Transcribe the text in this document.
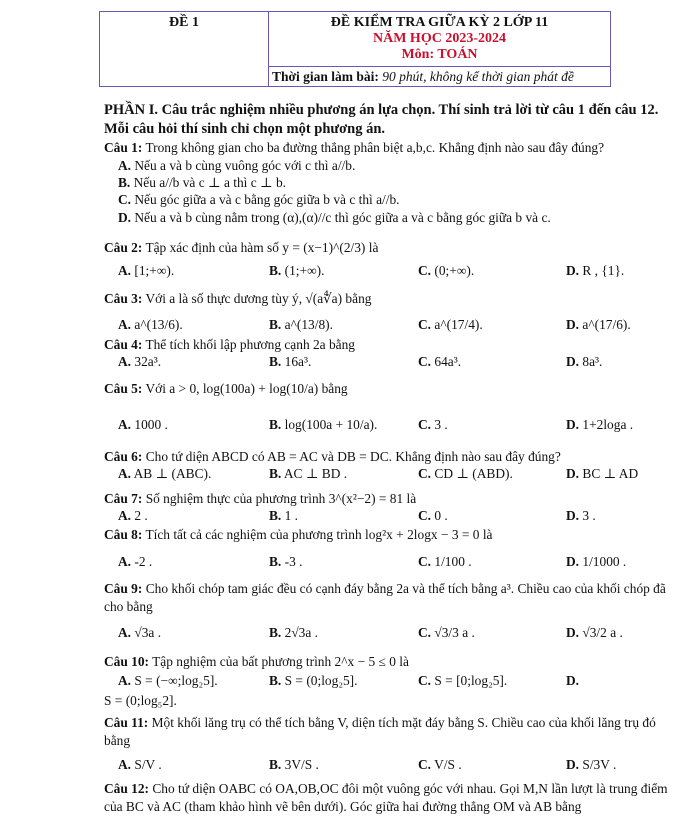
ĐỀ 1	ĐỀ KIỂM TRA GIỮA KỲ 2 LỚP 11
NĂM HỌC 2023-2024
Môn: TOÁN
Thời gian làm bài: 90 phút, không kể thời gian phát đề
PHẦN I. Câu trắc nghiệm nhiều phương án lựa chọn. Thí sinh trả lời từ câu 1 đến câu 12. Mỗi câu hỏi thí sinh chỉ chọn một phương án.
Câu 1: Trong không gian cho ba đường thẳng phân biệt a,b,c. Khẳng định nào sau đây đúng?
A. Nếu a và b cùng vuông góc với c thì a//b.
B. Nếu a//b và c ⊥ a thì c ⊥ b.
C. Nếu góc giữa a và c bằng góc giữa b và c thì a//b.
D. Nếu a và b cùng nằm trong (α),(α)//c thì góc giữa a và c bằng góc giữa b và c.
Câu 2: Tập xác định của hàm số y = (x−1)^(2/3) là
A. [1;+∞).	B. (1;+∞).	C. (0;+∞).	D. R , {1}.
Câu 3: Với a là số thực dương tùy ý, √(a∜a) bằng
A. a^(13/6).	B. a^(13/8).	C. a^(17/4).	D. a^(17/6).
Câu 4: Thể tích khối lập phương cạnh 2a bằng
A. 32a³.	B. 16a³.	C. 64a³.	D. 8a³.
Câu 5: Với a > 0, log(100a) + log(10/a) bằng
A. 1000 .	B. log(100a + 10/a).	C. 3 .	D. 1+2loga .
Câu 6: Cho tứ diện ABCD có AB = AC và DB = DC. Khẳng định nào sau đây đúng?
A. AB ⊥ (ABC).	B. AC ⊥ BD .	C. CD ⊥ (ABD).	D. BC ⊥ AD
Câu 7: Số nghiệm thực của phương trình 3^(x²−2) = 81 là
A. 2 .	B. 1 .	C. 0 .	D. 3 .
Câu 8: Tích tất cả các nghiệm của phương trình log²x + 2logx − 3 = 0 là
A. -2 .	B. -3 .	C. 1/100 .	D. 1/1000 .
Câu 9: Cho khối chóp tam giác đều có cạnh đáy bằng 2a và thể tích bằng a³. Chiều cao của khối chóp đã cho bằng
A. √3a .	B. 2√3a .	C. √3/3 a .	D. √3/2 a .
Câu 10: Tập nghiệm của bất phương trình 2^x − 5 ≤ 0 là
A. S = (−∞;log₂5].	B. S = (0;log₂5].	C. S = [0;log₂5].	D.
S = (0;log₅2].
Câu 11: Một khối lăng trụ có thể tích bằng V, diện tích mặt đáy bằng S. Chiều cao của khối lăng trụ đó bằng
A. S/V .	B. 3V/S .	C. V/S .	D. S/3V .
Câu 12: Cho tứ diện OABC có OA,OB,OC đôi một vuông góc với nhau. Gọi M,N lần lượt là trung điểm của BC và AC (tham khảo hình vẽ bên dưới). Góc giữa hai đường thẳng OM và AB bằng
